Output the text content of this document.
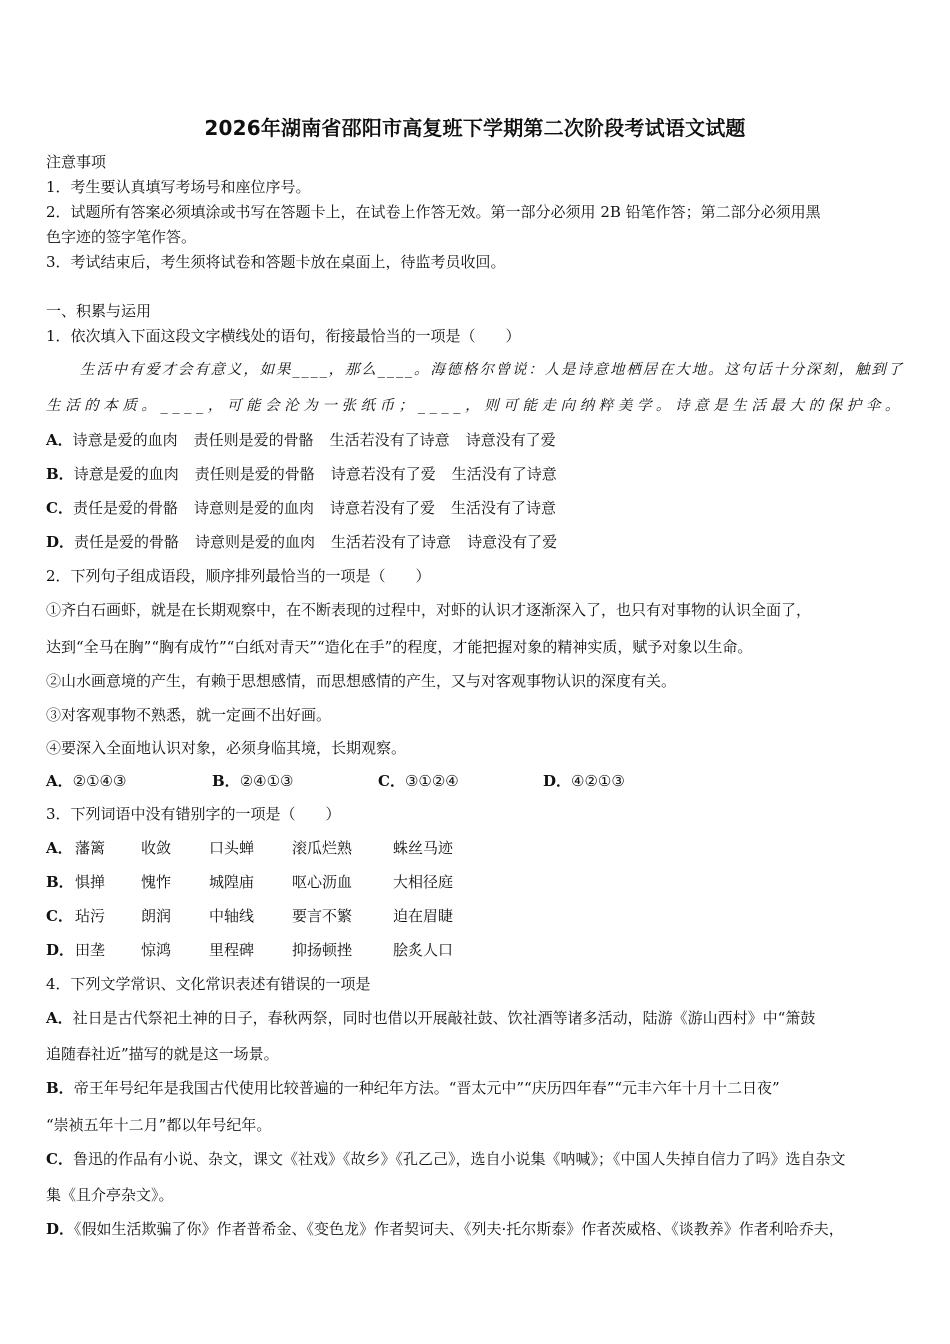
2026年湖南省邵阳市高复班下学期第二次阶段考试语文试题
注意事项
1．考生要认真填写考场号和座位序号。
2．试题所有答案必须填涂或书写在答题卡上，在试卷上作答无效。第一部分必须用 2B 铅笔作答；第二部分必须用黑
色字迹的签字笔作答。
3．考试结束后，考生须将试卷和答题卡放在桌面上，待监考员收回。
一、积累与运用
1．依次填入下面这段文字横线处的语句，衔接最恰当的一项是（　　）
生活中有爱才会有意义，如果____，那么____。海德格尔曾说：人是诗意地栖居在大地。这句话十分深刻，触到了
生活的本质。____，可能会沦为一张纸币；____，则可能走向纳粹美学。诗意是生活最大的保护伞。
A．诗意是爱的血肉 责任则是爱的骨骼 生活若没有了诗意 诗意没有了爱
B．诗意是爱的血肉 责任则是爱的骨骼 诗意若没有了爱 生活没有了诗意
C．责任是爱的骨骼 诗意则是爱的血肉 诗意若没有了爱 生活没有了诗意
D．责任是爱的骨骼 诗意则是爱的血肉 生活若没有了诗意 诗意没有了爱
2．下列句子组成语段，顺序排列最恰当的一项是（　　）
①齐白石画虾，就是在长期观察中，在不断表现的过程中，对虾的认识才逐渐深入了，也只有对事物的认识全面了，
达到“全马在胸”“胸有成竹”“白纸对青天”“造化在手”的程度，才能把握对象的精神实质，赋予对象以生命。
②山水画意境的产生，有赖于思想感情，而思想感情的产生，又与对客观事物认识的深度有关。
③对客观事物不熟悉，就一定画不出好画。
④要深入全面地认识对象，必须身临其境，长期观察。
A．②①④③	B．②④①③	C．③①②④	D．④②①③
3．下列词语中没有错别字的一项是（　　）
A． 藩篱 收敛	口头蝉	滚瓜烂熟	蛛丝马迹
B． 惧掸 愧怍	城隍庙	呕心沥血	大相径庭
C． 玷污 朗润	中轴线	要言不繁	迫在眉睫
D． 田垄 惊鸿	里程碑	抑扬顿挫	脍炙人口
4．下列文学常识、文化常识表述有错误的一项是
A．社日是古代祭祀土神的日子，春秋两祭，同时也借以开展敲社鼓、饮社酒等诸多活动，陆游《游山西村》中“箫鼓
追随春社近”描写的就是这一场景。
B．帝王年号纪年是我国古代使用比较普遍的一种纪年方法。“晋太元中”“庆历四年春”“元丰六年十月十二日夜”
“崇祯五年十二月”都以年号纪年。
C．鲁迅的作品有小说、杂文，课文《社戏》《故乡》《孔乙己》，选自小说集《呐喊》；《中国人失掉自信力了吗》选自杂文
集《且介亭杂文》。
D．《假如生活欺骗了你》作者普希金、《变色龙》作者契诃夫、《列夫·托尔斯泰》作者茨威格、《谈教养》作者利哈乔夫，
